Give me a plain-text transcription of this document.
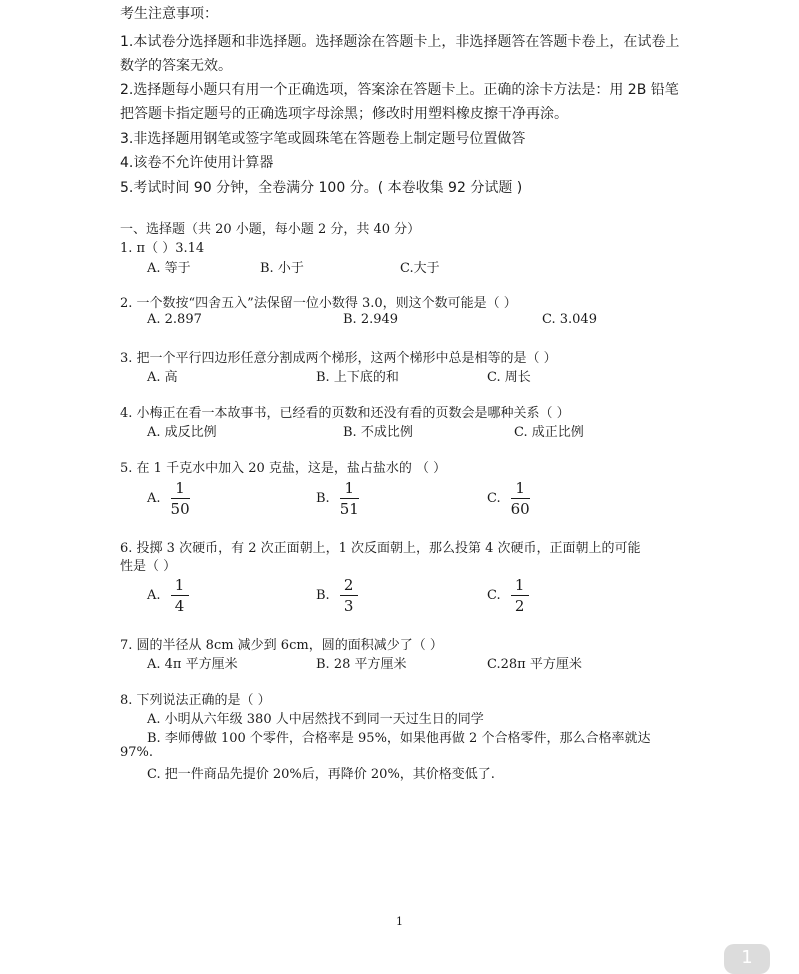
考生注意事项：
1.本试卷分选择题和非选择题。选择题涂在答题卡上，非选择题答在答题卡卷上，在试卷上
数学的答案无效。
2.选择题每小题只有用一个正确选项，答案涂在答题卡上。正确的涂卡方法是：用 2B 铅笔
把答题卡指定题号的正确选项字母涂黑；修改时用塑料橡皮擦干净再涂。
3.非选择题用钢笔或签字笔或圆珠笔在答题卷上制定题号位置做答
4.该卷不允许使用计算器
5.考试时间 90 分钟，全卷满分 100 分。( 本卷收集 92 分试题 )
一、选择题（共 20 小题，每小题 2 分，共 40 分）
1. π（ ）3.14
A. 等于	B. 小于	C.大于
2. 一个数按“四舍五入”法保留一位小数得 3.0，则这个数可能是（ ）
A. 2.897	B. 2.949	C. 3.049
3. 把一个平行四边形任意分割成两个梯形，这两个梯形中总是相等的是（ ）
A. 高	B. 上下底的和	C. 周长
4. 小梅正在看一本故事书，已经看的页数和还没有看的页数会是哪种关系（ ）
A. 成反比例	B. 不成比例	C. 成正比例
5. 在 1 千克水中加入 20 克盐，这是，盐占盐水的 （ ）
A. $\frac{1}{50}$	B. $\frac{1}{51}$	C. $\frac{1}{60}$
6. 投掷 3 次硬币，有 2 次正面朝上，1 次反面朝上，那么投第 4 次硬币，正面朝上的可能
性是（ ）
A. $\frac{1}{4}$	B. $\frac{2}{3}$	C. $\frac{1}{2}$
7. 圆的半径从 8cm 减少到 6cm，圆的面积减少了（ ）
A. 4π 平方厘米	B. 28 平方厘米	C.28π 平方厘米
8. 下列说法正确的是（ ）
A. 小明从六年级 380 人中居然找不到同一天过生日的同学
B. 李师傅做 100 个零件，合格率是 95%，如果他再做 2 个合格零件，那么合格率就达
97%.
C. 把一件商品先提价 20%后，再降价 20%，其价格变低了.
1
1
